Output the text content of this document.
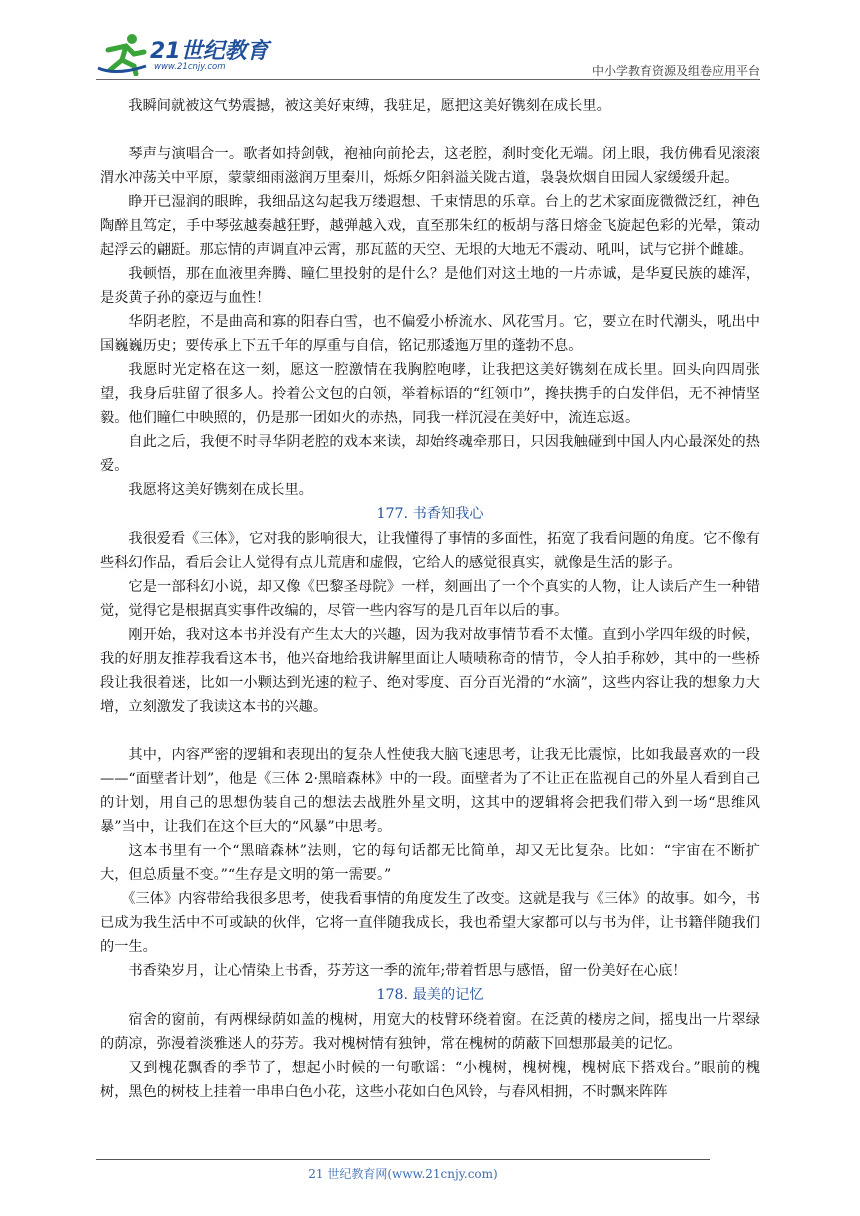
21世纪教育
www.21cnjy.com	中小学教育资源及组卷应用平台

我瞬间就被这气势震撼，被这美好束缚，我驻足，愿把这美好镌刻在成长里。

琴声与演唱合一。歌者如持剑戟，袍袖向前抡去，这老腔，刹时变化无端。闭上眼，我仿佛看见滚滚渭水冲荡关中平原，蒙蒙细雨滋润万里秦川，烁烁夕阳斜溢关陇古道，袅袅炊烟自田园人家缓缓升起。

睁开已湿润的眼眸，我细品这勾起我万缕遐想、千束情思的乐章。台上的艺术家面庞微微泛红，神色陶醉且笃定，手中琴弦越奏越狂野，越弹越入戏，直至那朱红的板胡与落日熔金飞旋起色彩的光晕，策动起浮云的翩跹。那忘情的声调直冲云霄，那瓦蓝的天空、无垠的大地无不震动、吼叫，试与它拼个雌雄。

我顿悟，那在血液里奔腾、瞳仁里投射的是什么？是他们对这土地的一片赤诚，是华夏民族的雄浑，是炎黄子孙的豪迈与血性！

华阴老腔，不是曲高和寡的阳春白雪，也不偏爱小桥流水、风花雪月。它，要立在时代潮头，吼出中国巍巍历史；要传承上下五千年的厚重与自信，铭记那逶迤万里的蓬勃不息。

我愿时光定格在这一刻，愿这一腔激情在我胸腔咆哮，让我把这美好镌刻在成长里。回头向四周张望，我身后驻留了很多人。拎着公文包的白领，举着标语的“红领巾”，搀扶携手的白发伴侣，无不神情坚毅。他们瞳仁中映照的，仍是那一团如火的赤热，同我一样沉浸在美好中，流连忘返。

自此之后，我便不时寻华阴老腔的戏本来读，却始终魂牵那日，只因我触碰到中国人内心最深处的热爱。

我愿将这美好镌刻在成长里。

177. 书香知我心

我很爱看《三体》，它对我的影响很大，让我懂得了事情的多面性，拓宽了我看问题的角度。它不像有些科幻作品，看后会让人觉得有点儿荒唐和虚假，它给人的感觉很真实，就像是生活的影子。

它是一部科幻小说，却又像《巴黎圣母院》一样，刻画出了一个个真实的人物，让人读后产生一种错觉，觉得它是根据真实事件改编的，尽管一些内容写的是几百年以后的事。

刚开始，我对这本书并没有产生太大的兴趣，因为我对故事情节看不太懂。直到小学四年级的时候，我的好朋友推荐我看这本书，他兴奋地给我讲解里面让人啧啧称奇的情节，令人拍手称妙，其中的一些桥段让我很着迷，比如一小颗达到光速的粒子、绝对零度、百分百光滑的“水滴”，这些内容让我的想象力大增，立刻激发了我读这本书的兴趣。

其中，内容严密的逻辑和表现出的复杂人性使我大脑飞速思考，让我无比震惊，比如我最喜欢的一段——“面壁者计划”，他是《三体 2·黑暗森林》中的一段。面壁者为了不让正在监视自己的外星人看到自己的计划，用自己的思想伪装自己的想法去战胜外星文明，这其中的逻辑将会把我们带入到一场“思维风暴”当中，让我们在这个巨大的“风暴”中思考。

这本书里有一个“黑暗森林”法则，它的每句话都无比简单，却又无比复杂。比如：“宇宙在不断扩大，但总质量不变。”“生存是文明的第一需要。”

《三体》内容带给我很多思考，使我看事情的角度发生了改变。这就是我与《三体》的故事。如今，书已成为我生活中不可或缺的伙伴，它将一直伴随我成长，我也希望大家都可以与书为伴，让书籍伴随我们的一生。

书香染岁月，让心情染上书香，芬芳这一季的流年;带着哲思与感悟，留一份美好在心底！

178. 最美的记忆

宿舍的窗前，有两棵绿荫如盖的槐树，用宽大的枝臂环绕着窗。在泛黄的楼房之间，摇曳出一片翠绿的荫凉，弥漫着淡雅迷人的芬芳。我对槐树情有独钟，常在槐树的荫蔽下回想那最美的记忆。

又到槐花飘香的季节了，想起小时候的一句歌谣：“小槐树，槐树槐，槐树底下搭戏台。”眼前的槐树，黑色的树枝上挂着一串串白色小花，这些小花如白色风铃，与春风相拥，不时飘来阵阵

21 世纪教育网(www.21cnjy.com)
